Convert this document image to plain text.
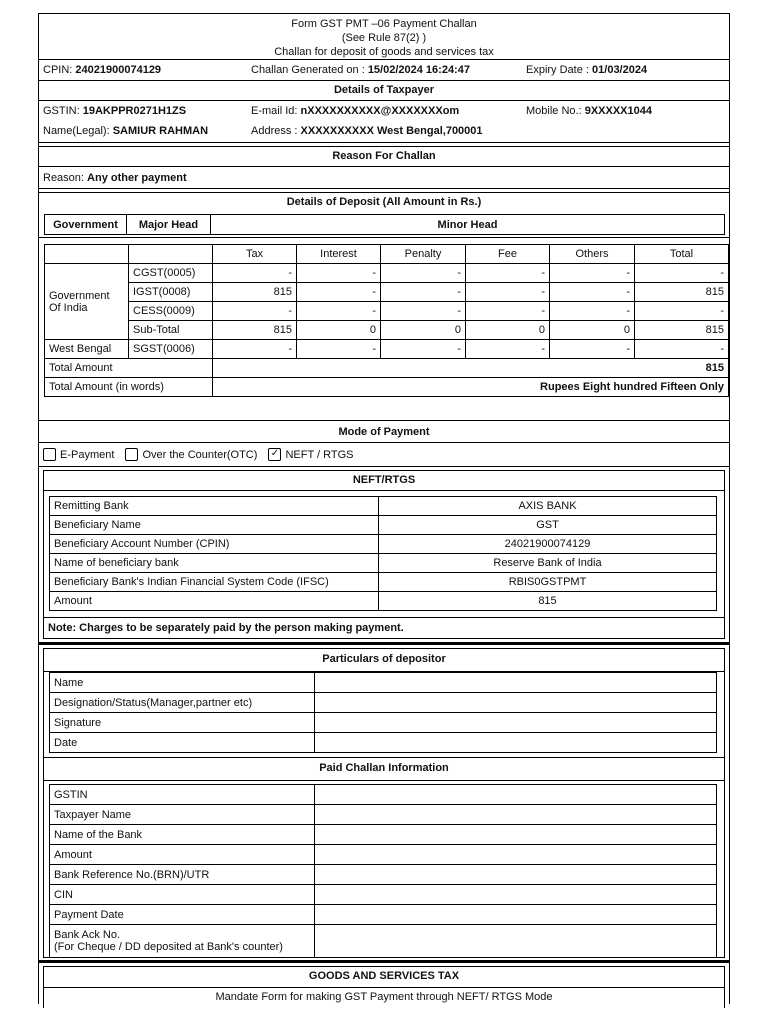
Form GST PMT –06 Payment Challan
(See Rule 87(2) )
Challan for deposit of goods and services tax
CPIN: 24021900074129	Challan Generated on : 15/02/2024 16:24:47	Expiry Date : 01/03/2024
Details of Taxpayer
GSTIN: 19AKPPR0271H1ZS	E-mail Id: nXXXXXXXXXX@XXXXXXXom	Mobile No.: 9XXXXX1044
Name(Legal): SAMIUR RAHMAN	Address : XXXXXXXXXX West Bengal,700001
Reason For Challan
Reason: Any other payment
Details of Deposit (All Amount in Rs.)
Government	Major Head	Minor Head
		Tax	Interest	Penalty	Fee	Others	Total
Government Of India	CGST(0005)	-	-	-	-	-	-
	IGST(0008)	815	-	-	-	-	815
	CESS(0009)	-	-	-	-	-	-
	Sub-Total	815	0	0	0	0	815
West Bengal	SGST(0006)	-	-	-	-	-	-
Total Amount		815					
Total Amount (in words)		Rupees Eight hundred Fifteen Only					
Mode of Payment
E-Payment	Over the Counter(OTC) ✓ NEFT / RTGS
NEFT/RTGS
Remitting Bank	AXIS BANK
Beneficiary Name	GST
Beneficiary Account Number (CPIN)	24021900074129
Name of beneficiary bank	Reserve Bank of India
Beneficiary Bank's Indian Financial System Code (IFSC)	RBIS0GSTPMT
Amount	815
Note: Charges to be separately paid by the person making payment.
Particulars of depositor
Name	
Designation/Status(Manager,partner etc)	
Signature	
Date	
Paid Challan Information
GSTIN	
Taxpayer Name	
Name of the Bank	
Amount	
Bank Reference No.(BRN)/UTR	
CIN	
Payment Date	

Bank Ack No.
(For Cheque / DD deposited at Bank's counter)	

GOODS AND SERVICES TAX
Mandate Form for making GST Payment through NEFT/ RTGS Mode
